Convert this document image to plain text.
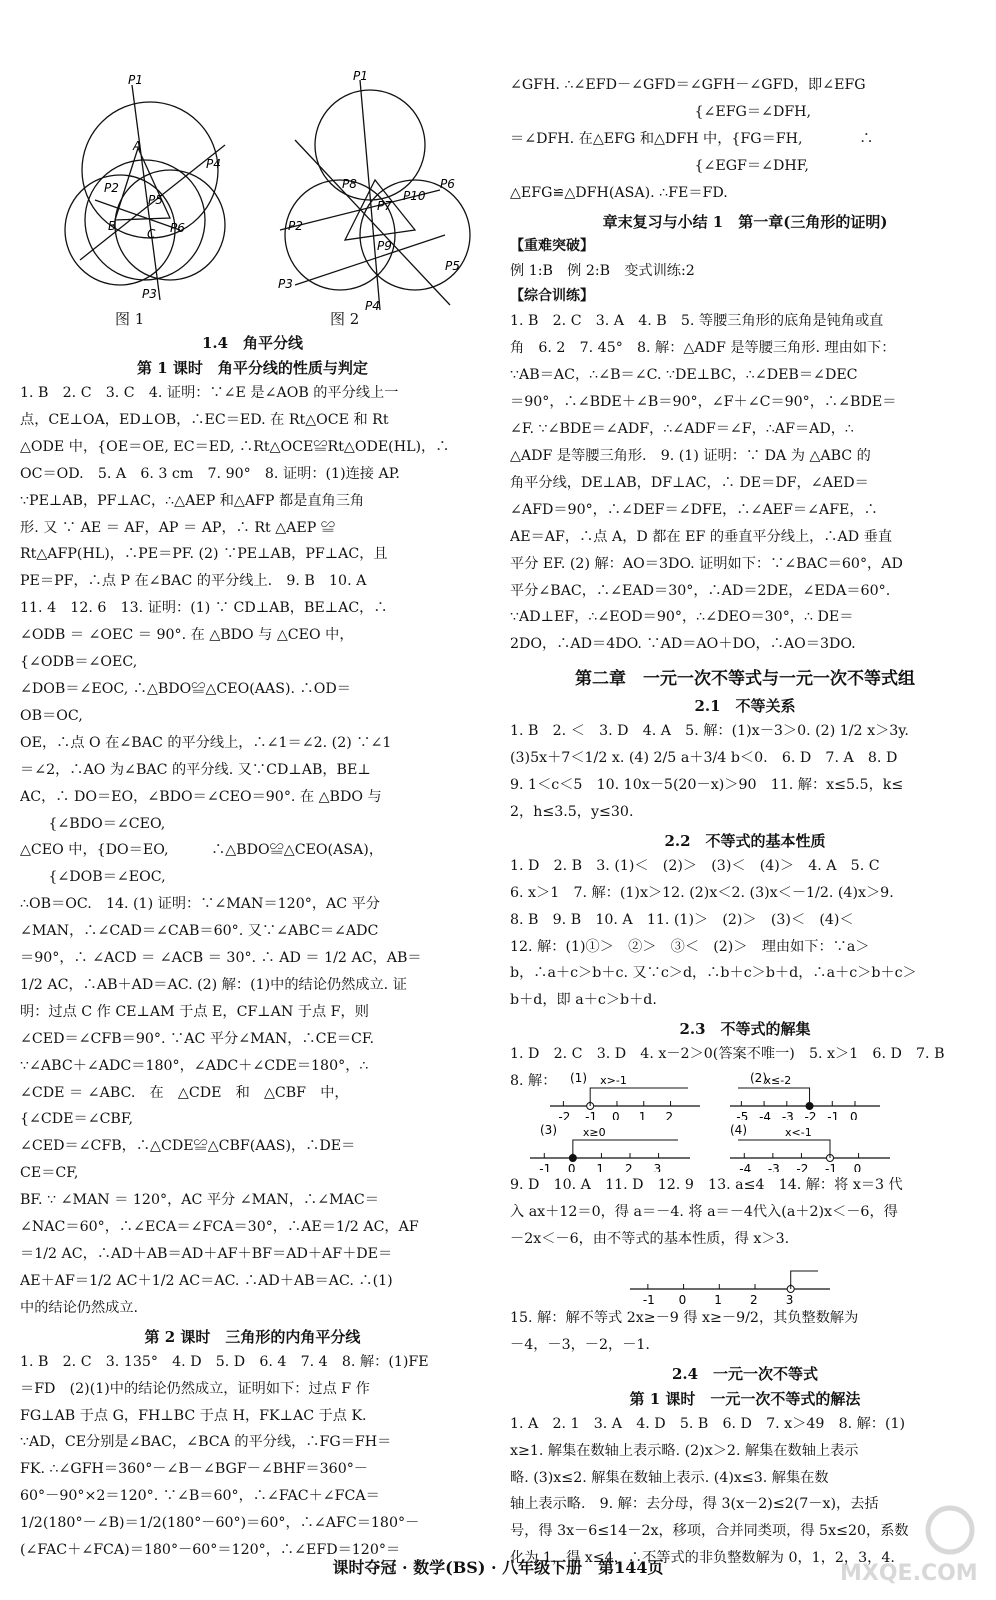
P1
A
P2
P5
B
C P6
P4
P3
P1
P2
P8	P6
P10
P7
P9
P3
P5
P4
图 1	图 2
1.4　角平分线
第 1 课时　角平分线的性质与判定
1. B　2. C　3. C　4. 证明：∵∠E 是∠AOB 的平分线上一
点，CE⊥OA，ED⊥OB，∴EC＝ED. 在 Rt△OCE 和 Rt
△ODE 中，{OE＝OE, EC＝ED, ∴Rt△OCE≌Rt△ODE(HL)，∴
OC＝OD.　5. A　6. 3 cm　7. 90°　8. 证明：(1)连接 AP.
∵PE⊥AB，PF⊥AC，∴△AEP 和△AFP 都是直角三角
形. 又 ∵ AE ＝ AF，AP ＝ AP，∴ Rt △AEP ≌
Rt△AFP(HL)，∴PE＝PF. (2) ∵PE⊥AB，PF⊥AC，且
PE＝PF，∴点 P 在∠BAC 的平分线上.　9. B　10. A
11. 4　12. 6　13. 证明：(1) ∵ CD⊥AB，BE⊥AC，∴
∠ODB ＝ ∠OEC ＝ 90°. 在 △BDO 与 △CEO 中，
{∠ODB＝∠OEC,
∠DOB＝∠EOC, ∴△BDO≌△CEO(AAS). ∴OD＝
OB＝OC,
OE，∴点 O 在∠BAC 的平分线上，∴∠1＝∠2. (2) ∵∠1
＝∠2，∴AO 为∠BAC 的平分线. 又∵CD⊥AB，BE⊥
AC，∴ DO＝EO，∠BDO＝∠CEO＝90°. 在 △BDO 与
　　{∠BDO＝∠CEO,
△CEO 中，{DO＝EO,　　　∴△BDO≌△CEO(ASA)，
　　{∠DOB＝∠EOC,
∴OB＝OC.　14. (1) 证明：∵∠MAN＝120°，AC 平分
∠MAN，∴∠CAD＝∠CAB＝60°. 又∵∠ABC＝∠ADC
＝90°，∴ ∠ACD ＝ ∠ACB ＝ 30°. ∴ AD ＝ 1/2 AC，AB＝
1/2 AC，∴AB＋AD＝AC. (2) 解：(1)中的结论仍然成立. 证
明：过点 C 作 CE⊥AM 于点 E，CF⊥AN 于点 F，则
∠CED＝∠CFB＝90°. ∵AC 平分∠MAN，∴CE＝CF.
∵∠ABC＋∠ADC＝180°，∠ADC＋∠CDE＝180°，∴
∠CDE ＝ ∠ABC.　在　△CDE　和　△CBF　中，
{∠CDE＝∠CBF,
∠CED＝∠CFB，∴△CDE≌△CBF(AAS)，∴DE＝
CE＝CF,
BF. ∵ ∠MAN ＝ 120°，AC 平分 ∠MAN，∴∠MAC＝
∠NAC＝60°，∴∠ECA＝∠FCA＝30°，∴AE＝1/2 AC，AF
＝1/2 AC，∴AD＋AB＝AD＋AF＋BF＝AD＋AF＋DE＝
AE＋AF＝1/2 AC＋1/2 AC＝AC. ∴AD＋AB＝AC. ∴(1)
中的结论仍然成立.
第 2 课时　三角形的内角平分线
1. B　2. C　3. 135°　4. D　5. D　6. 4　7. 4　8. 解：(1)FE
＝FD　(2)(1)中的结论仍然成立，证明如下：过点 F 作
FG⊥AB 于点 G，FH⊥BC 于点 H，FK⊥AC 于点 K.
∵AD，CE分别是∠BAC，∠BCA 的平分线，∴FG＝FH＝
FK. ∴∠GFH＝360°－∠B－∠BGF－∠BHF＝360°－
60°－90°×2＝120°. ∵∠B＝60°，∴∠FAC＋∠FCA＝
1/2(180°－∠B)＝1/2(180°－60°)＝60°，∴∠AFC＝180°－
(∠FAC＋∠FCA)＝180°－60°＝120°，∴∠EFD＝120°＝
∠GFH. ∴∠EFD－∠GFD＝∠GFH－∠GFD，即∠EFG
　　　　　　　　　　　　　{∠EFG＝∠DFH,
＝∠DFH. 在△EFG 和△DFH 中，{FG＝FH,　　　　∴
　　　　　　　　　　　　　{∠EGF＝∠DHF,
△EFG≌△DFH(ASA). ∴FE＝FD.
章末复习与小结 1　第一章(三角形的证明)
【重难突破】
例 1:B　例 2:B　变式训练:2
【综合训练】
1. B　2. C　3. A　4. B　5. 等腰三角形的底角是钝角或直
角　6. 2　7. 45°　8. 解：△ADF 是等腰三角形. 理由如下：
∵AB＝AC，∴∠B＝∠C. ∵DE⊥BC，∴∠DEB＝∠DEC
＝90°，∴∠BDE＋∠B＝90°，∠F＋∠C＝90°，∴∠BDE＝
∠F. ∵∠BDE＝∠ADF，∴∠ADF＝∠F，∴AF＝AD，∴
△ADF 是等腰三角形.　9. (1) 证明：∵ DA 为 △ABC 的
角平分线，DE⊥AB，DF⊥AC，∴ DE＝DF，∠AED＝
∠AFD＝90°，∴∠DEF＝∠DFE，∴∠AEF＝∠AFE，∴
AE＝AF，∴点 A，D 都在 EF 的垂直平分线上，∴AD 垂直
平分 EF. (2) 解：AO＝3DO. 证明如下：∵∠BAC＝60°，AD
平分∠BAC，∴∠EAD＝30°，∴AD＝2DE，∠EDA＝60°.
∵AD⊥EF，∴∠EOD＝90°，∴∠DEO＝30°，∴ DE＝
2DO，∴AD＝4DO. ∵AD＝AO＋DO，∴AO＝3DO.
第二章　一元一次不等式与一元一次不等式组
2.1　不等关系
1. B　2. ＜　3. D　4. A　5. 解：(1)x－3＞0. (2) 1/2 x＞3y.
(3)5x＋7＜1/2 x. (4) 2/5 a＋3/4 b＜0.　6. D　7. A　8. D
9. 1＜c＜5　10. 10x－5(20－x)＞90　11. 解：x≤5.5，k≤
2，h≤3.5，y≤30.
2.2　不等式的基本性质
1. D　2. B　3. (1)＜　(2)＞　(3)＜　(4)＞　4. A　5. C
6. x＞1　7. 解：(1)x＞12. (2)x＜2. (3)x＜－1/2. (4)x＞9.
8. B　9. B　10. A　11. (1)＞　(2)＞　(3)＜　(4)＜
12. 解：(1)①＞　②＞　③＜　(2)＞　理由如下：∵a＞
b，∴a＋c＞b＋c. 又∵c＞d，∴b＋c＞b＋d，∴a＋c＞b＋c＞
b＋d，即 a＋c＞b＋d.
2.3　不等式的解集
1. D　2. C　3. D　4. x－2＞0(答案不唯一)　5. x＞1　6. D　7. B
8. 解： (1)	(2)
-2 -1 0 1 2
x>-1
-5 -4 -3 -2 -1 0
x≤-2
(3)	(4)
-1 0 1 2 3
x≥0
-4 -3 -2 -1 0
x<-1
9. D　10. A　11. D　12. 9　13. a≤4　14. 解：将 x＝3 代
入 ax＋12＝0，得 a＝－4. 将 a＝－4代入(a＋2)x＜－6，得
－2x＜－6，由不等式的基本性质，得 x＞3.
-1 0 1 2 3
15. 解：解不等式 2x≥－9 得 x≥－9/2，其负整数解为
－4，－3，－2，－1.
2.4　一元一次不等式
第 1 课时　一元一次不等式的解法
1. A　2. 1　3. A　4. D　5. B　6. D　7. x＞49　8. 解：(1)
x≥1. 解集在数轴上表示略. (2)x＞2. 解集在数轴上表示
略. (3)x≤2. 解集在数轴上表示. (4)x≤3. 解集在数
轴上表示略.　9. 解：去分母，得 3(x－2)≤2(7－x)，去括
号，得 3x－6≤14－2x，移项，合并同类项，得 5x≤20，系数
化为 1，得 x≤4，∴不等式的非负整数解为 0，1，2，3，4.
课时夺冠 · 数学(BS) · 八年级下册　第144页	MXQE.COM
